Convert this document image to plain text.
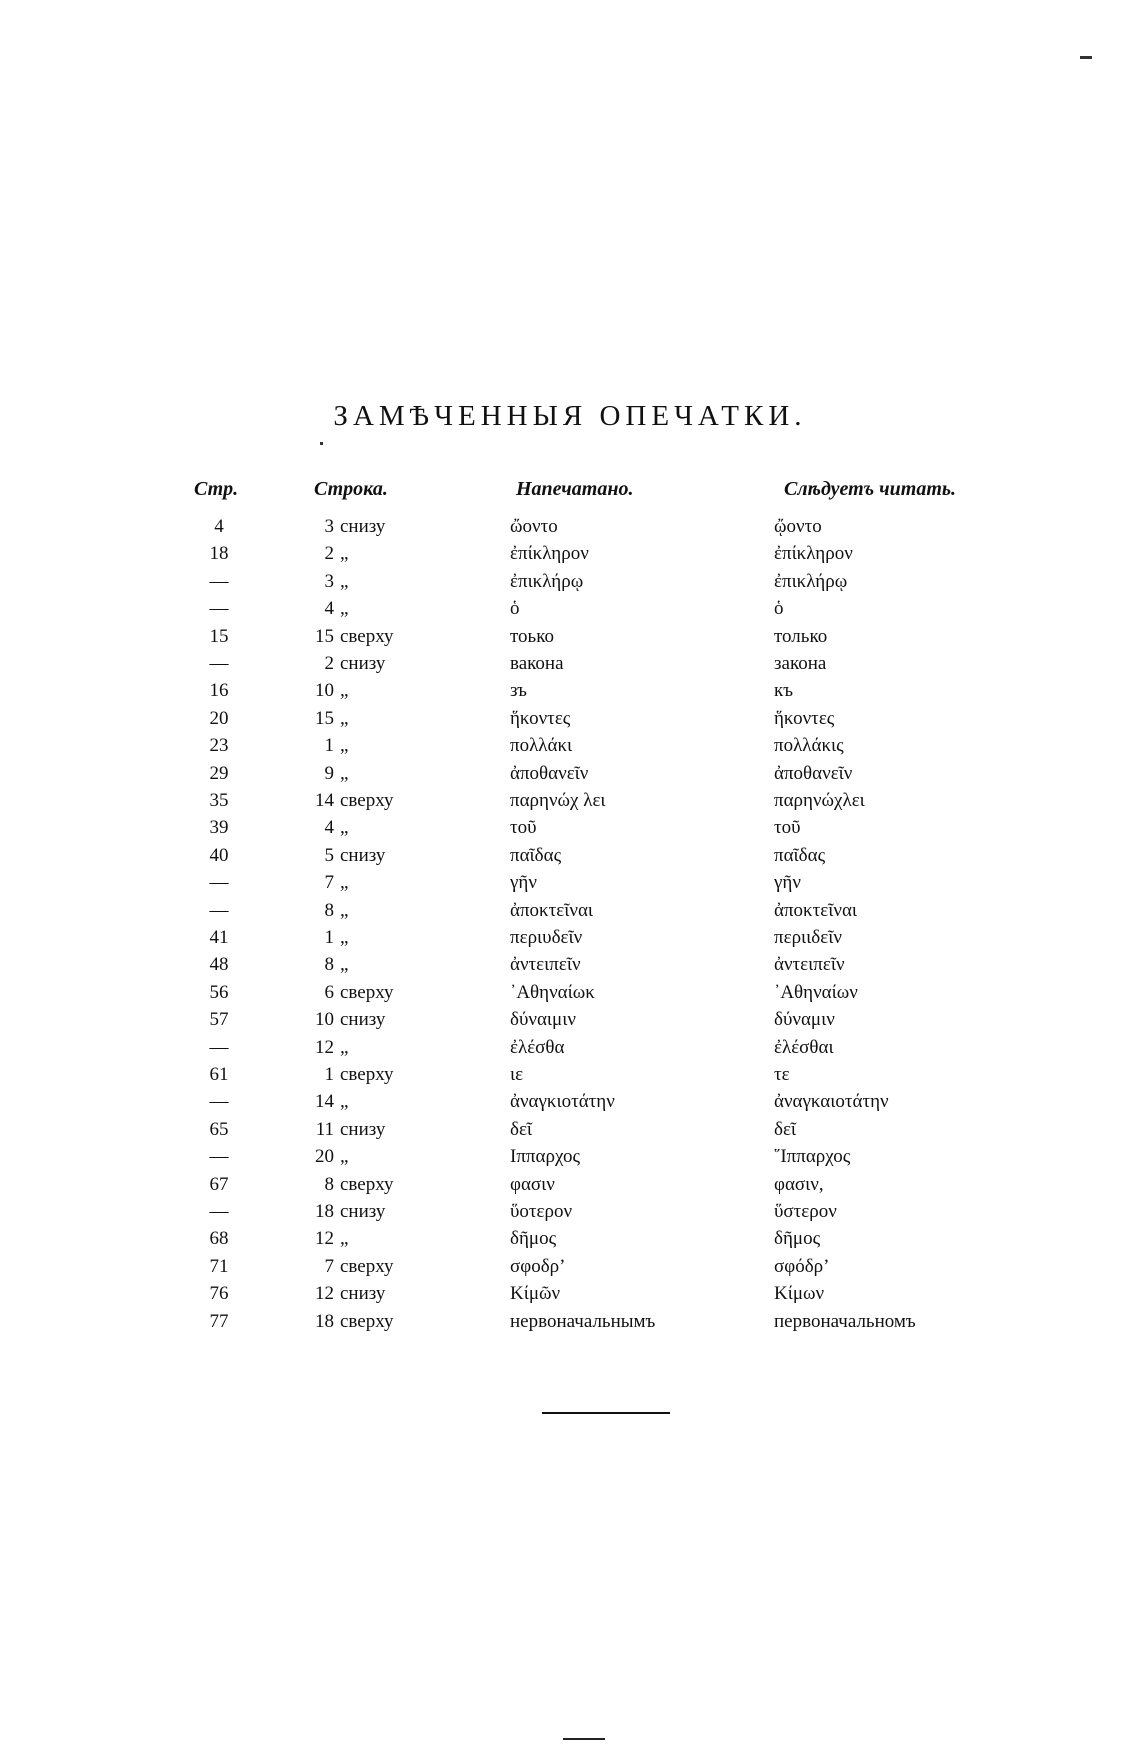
ЗАМѢЧЕННЫЯ ОПЕЧАТКИ.
Стр.	Строка.	Напечатано.	Слѣдуетъ читать.
4	3 снизу	ὤοντο	ᾤοντο
18	2 „	ἐπίκληρον	ἐπίκληρον
—	3 „	ἐπικλήρῳ	ἐπικλήρῳ
—	4 „	ὁ	ὁ
15	15 сверху	тоько	только
—	2 снизу	вакона	закона
16	10 „	зъ	къ
20	15 „	ἥκοντες	ἥκοντες
23	1 „	πολλάκι	πολλάκις
29	9 „	ἀποθανεῖν	ἀποθανεῖν
35	14 сверху	παρηνώχ λει	παρηνώχλει
39	4 „	τοῦ	τοῦ
40	5 снизу	παῖδας	παῖδας
—	7 „	γῆν	γῆν
—	8 „	ἀποκτεῖναι	ἀποκτεῖναι
41	1 „	περιυδεῖν	περιιδεῖν
48	8 „	ἀντειπεῖν	ἀντειπεῖν
56	6 сверху	᾿Αθηναίωκ	᾿Αθηναίων
57	10 снизу	δύναιμιν	δύναμιν
—	12 „	ἐλέσθα	ἐλέσθαι
61	1 сверху	ιε	τε
—	14 „	ἀναγκιοτάτην	ἀναγκαιοτάτην
65	11 снизу	δεῖ	δεῖ
—	20 „	Ιππαρχος	῞Ιππαρχος
67	8 сверху	φασιν	φασιν,
—	18 снизу	ὕοτερον	ὕστερον
68	12 „	δῆμος	δῆμος
71	7 сверху	σφοδρ’	σφόδρ’
76	12 снизу	Κίμῶν	Κίμων
77	18 сверху	нервоначальнымъ	первоначальномъ
